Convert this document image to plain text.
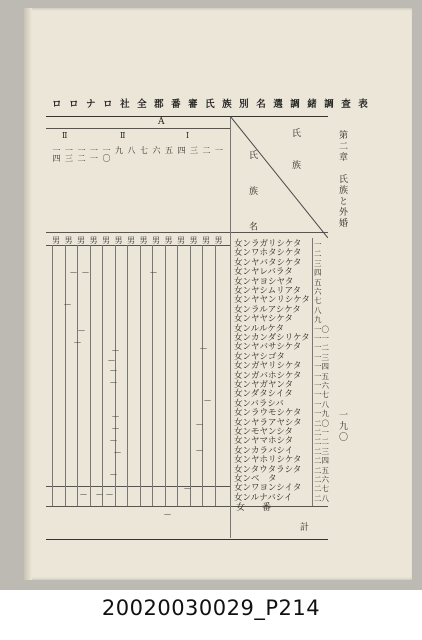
ロ ロ ナ ロ 社 全 郡 番 審 氏 族 別 名 選 調 緒 調 査 表
第二章　氏族と外婚
一九〇
A
氏 族
氏 族 名
一四 一三 一二 一一 一〇 九 八 七 六 五 四 三 二 一
Ⅱ	Ⅱ	Ⅰ
女ンラガリシケタ
女ンワホタシケタ
女ンヤバタシケタ
女ンヤレバラタ
女ンヤヨシヤタ
女ンヤシムリアタ
女ンヤヤンリシケタ
女ンラルアシケタ
女ンヤヤシケタ
女ンルルケタ
女ンカンダシリケタ
女ンヤバサシケタ
女ンヤシゴタ
女ンガヤリシケタ
女ンガバホシケタ
女ンヤガヤンタ
女ンダタシイタ
女ンバラシバ
女ンラウモシケタ
女ンヤラアヤシタ
女ンモヤンシタ
女ンヤマホシタ
女ンカラバシイ
女ンヤホリシケタ
女ンタウタラシタ
女ンベ　タ
女ンワヨンシイタ
女ンルナバシイ
一
二
三
四
五
六
七
八
九
一〇
一一
一二
一三
一四
一五
一六
一七
一八
一九
二〇
二一
二二
二三
二四
二五
二六
二七
二八
男 男 男 男 男 男 男 男 男 男 男 男 男 男
— —
—
—
—
—
—
—
—
—
—
—
—
—
—
—
—
—
—
—
— — —
—
女 番
計
20020030029_P214
